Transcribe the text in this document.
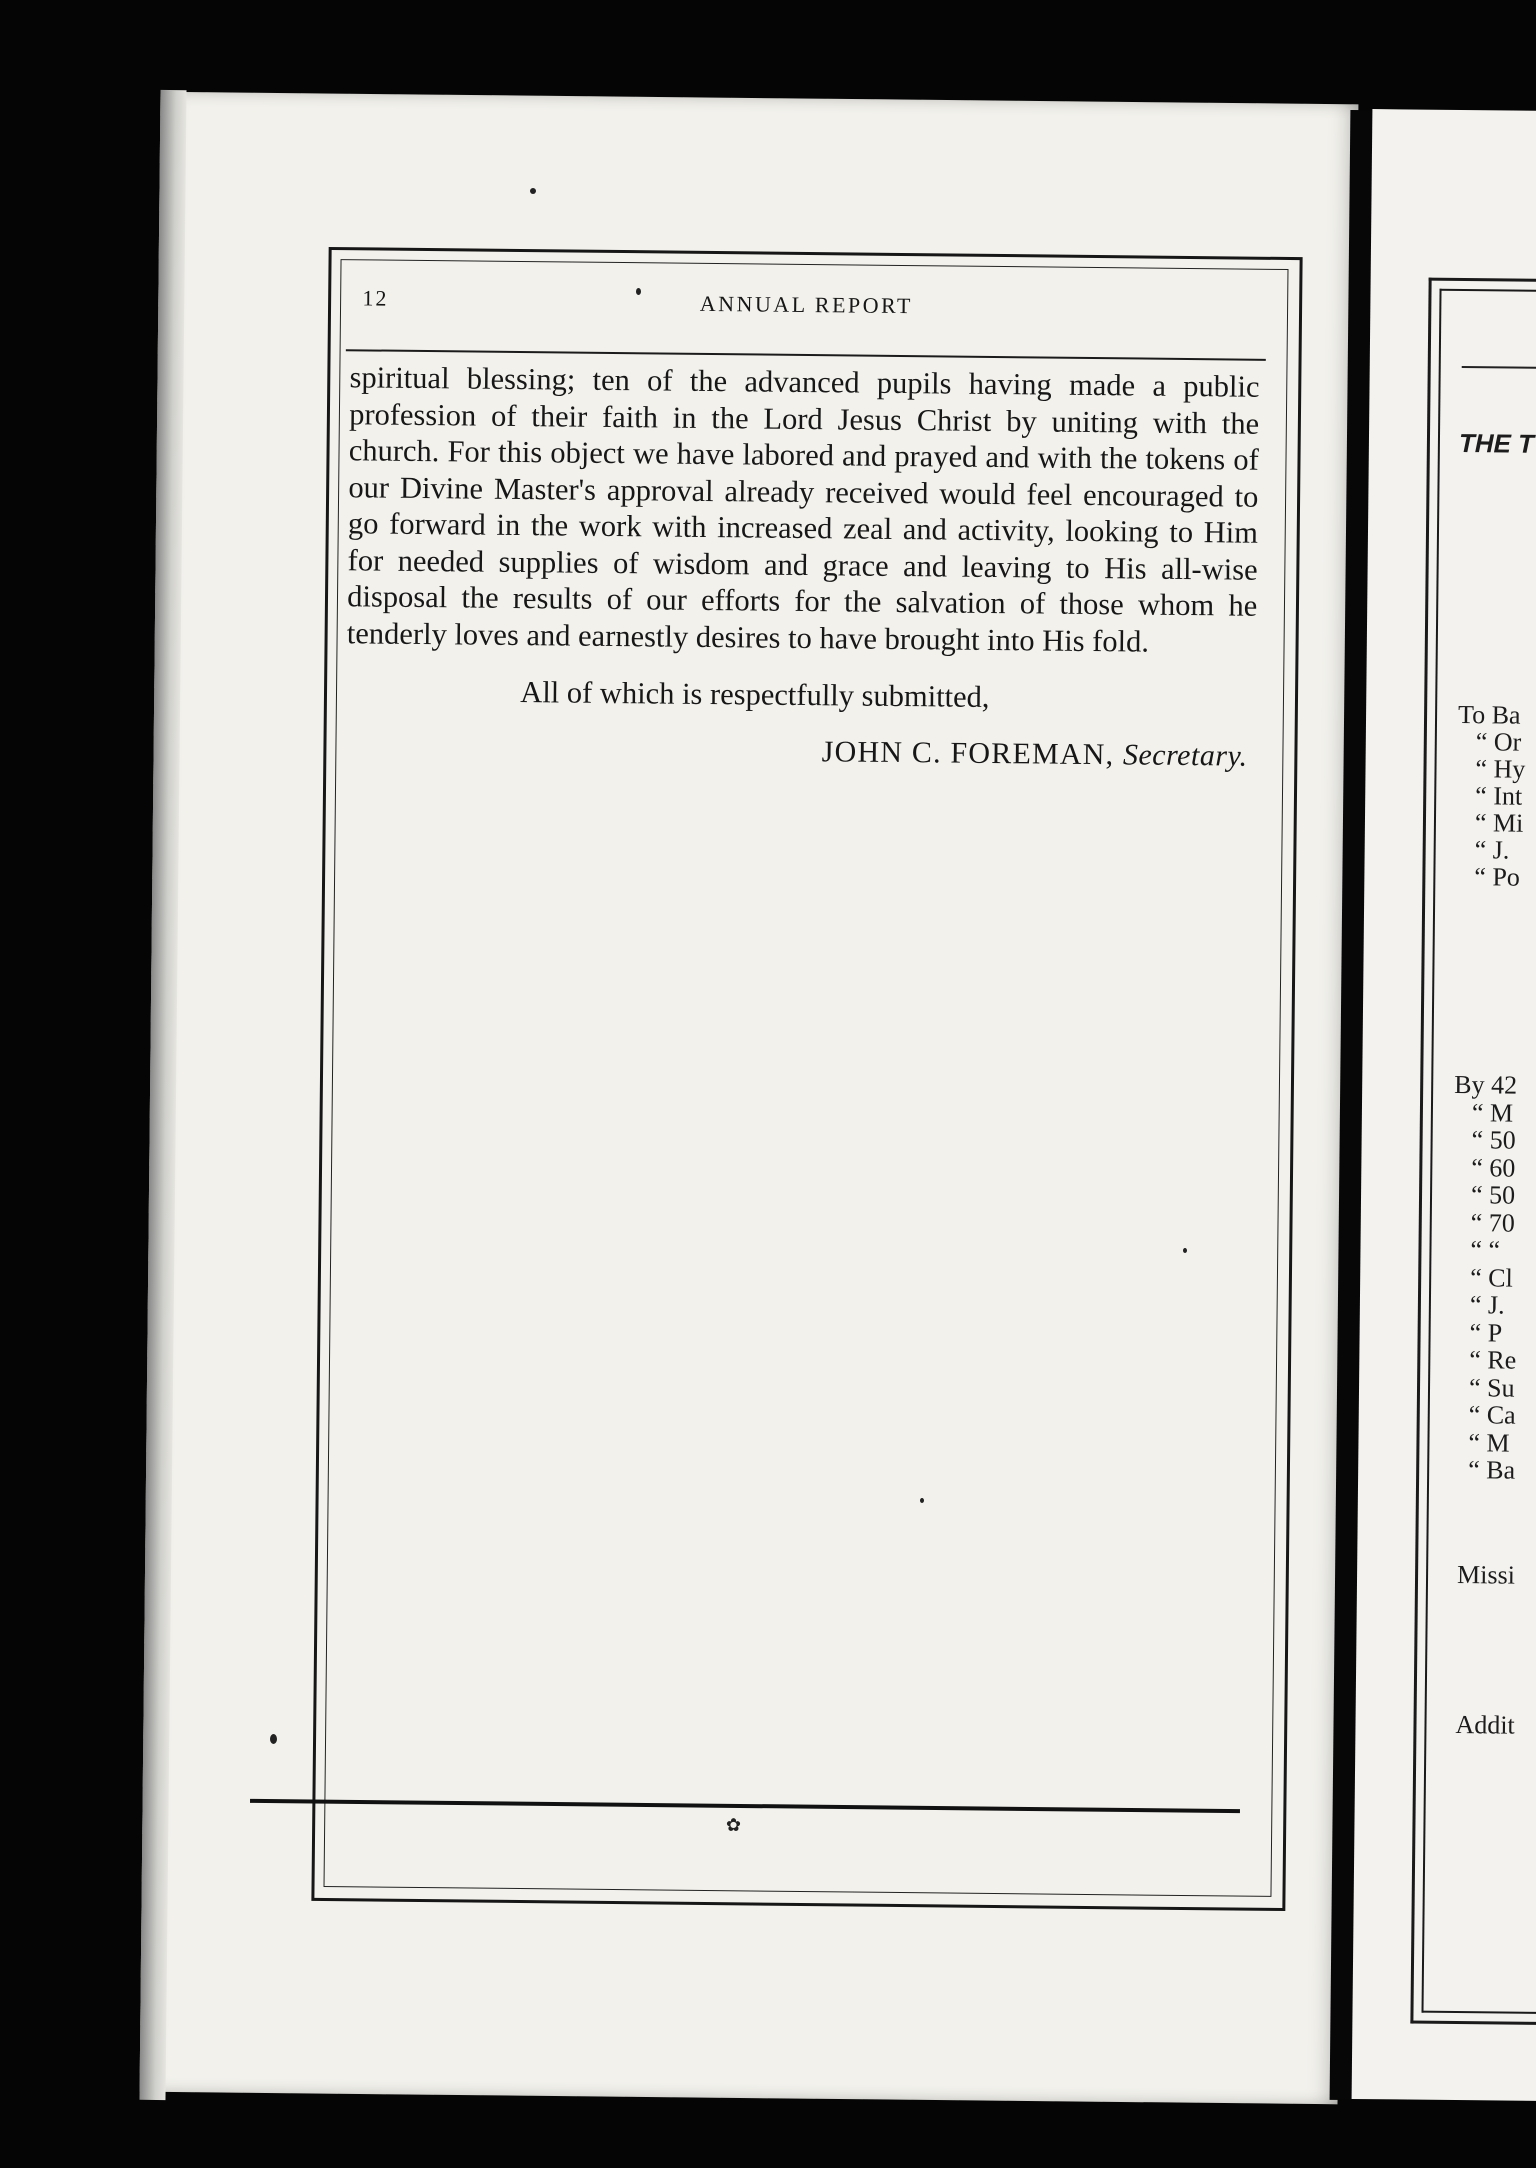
THE T
To Ba
“ Or
“ Hy
“ Int
“ Mi
“ J.
“ Po
By 42
“ M
“ 50
“ 60
“ 50
“ 70
“ “
“ Cl
“ J.
“ P
“ Re
“ Su
“ Ca
“ M
“ Ba
Missi
Addit
12	ANNUAL REPORT

spiritual blessing; ten of the advanced pupils having made a public profession of their faith in the Lord Jesus Christ by uniting with the church. For this object we have labored and prayed and with the tokens of our Divine Master's approval already received would feel encouraged to go forward in the work with increased zeal and activity, looking to Him for needed supplies of wisdom and grace and leaving to His all-wise disposal the results of our efforts for the salvation of those whom he tenderly loves and earnestly desires to have brought into His fold.

All of which is respectfully submitted,
JOHN C. FOREMAN, Secretary.
✿
